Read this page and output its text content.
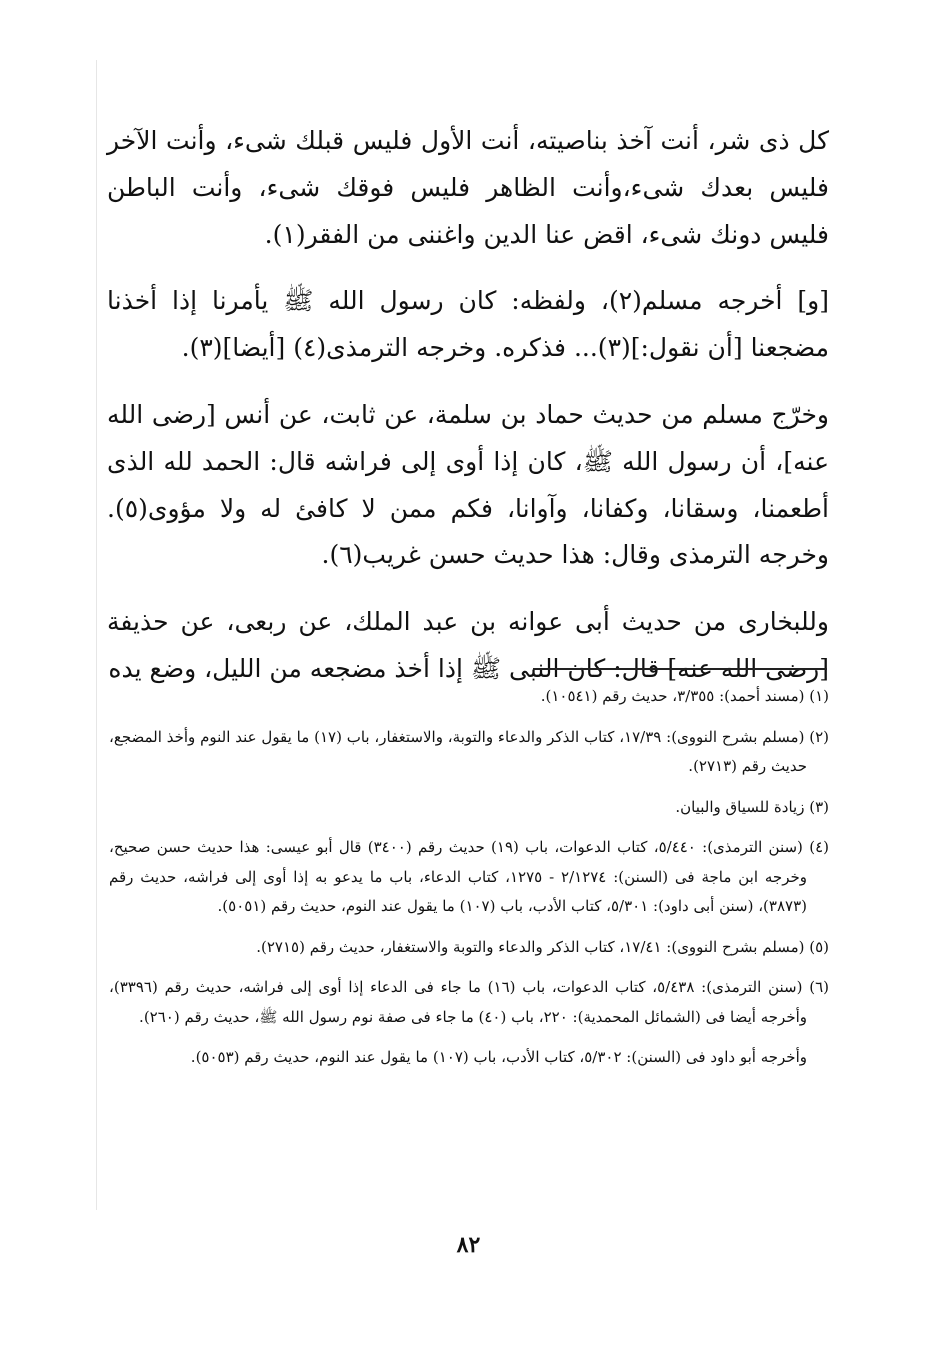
كل ذى شر، أنت آخذ بناصيته، أنت الأول فليس قبلك شىء، وأنت الآخر فليس بعدك شىء،وأنت الظاهر فليس فوقك شىء، وأنت الباطن فليس دونك شىء، اقض عنا الدين واغننى من الفقر(١).

[و] أخرجه مسلم(٢)، ولفظه: كان رسول الله ﷺ يأمرنا إذا أخذنا مضجعنا [أن نقول:](٣)... فذكره. وخرجه الترمذى(٤) [أيضا](٣).

وخرّج مسلم من حديث حماد بن سلمة، عن ثابت، عن أنس [رضى الله عنه]، أن رسول الله ﷺ، كان إذا أوى إلى فراشه قال: الحمد لله الذى أطعمنا، وسقانا، وكفانا، وآوانا، فكم ممن لا كافئ له ولا مؤوى(٥). وخرجه الترمذى وقال: هذا حديث حسن غريب(٦).

وللبخارى من حديث أبى عوانه بن عبد الملك، عن ربعى، عن حذيفة [رضى الله عنه] قال: كان النبى ﷺ إذا أخذ مضجعه من الليل، وضع يده

(١) (مسند أحمد): ٣/٣٥٥، حديث رقم (١٠٥٤١).

(٢) (مسلم بشرح النووى): ١٧/٣٩، كتاب الذكر والدعاء والتوبة، والاستغفار، باب (١٧) ما يقول عند النوم وأخذ المضجع، حديث رقم (٢٧١٣).

(٣) زيادة للسياق والبيان.

(٤) (سنن الترمذى): ٥/٤٤٠، كتاب الدعوات، باب (١٩) حديث رقم (٣٤٠٠) قال أبو عيسى: هذا حديث حسن صحيح، وخرجه ابن ماجة فى (السنن): ٢/١٢٧٤ - ١٢٧٥، كتاب الدعاء، باب ما يدعو به إذا أوى إلى فراشه، حديث رقم (٣٨٧٣)، (سنن أبى داود): ٥/٣٠١، كتاب الأدب، باب (١٠٧) ما يقول عند النوم، حديث رقم (٥٠٥١).

(٥) (مسلم بشرح النووى): ١٧/٤١، كتاب الذكر والدعاء والتوبة والاستغفار، حديث رقم (٢٧١٥).

(٦) (سنن الترمذى): ٥/٤٣٨، كتاب الدعوات، باب (١٦) ما جاء فى الدعاء إذا أوى إلى فراشه، حديث رقم (٣٣٩٦)، وأخرجه أيضا فى (الشمائل المحمدية): ٢٢٠، باب (٤٠) ما جاء فى صفة نوم رسول الله ﷺ، حديث رقم (٢٦٠).

وأخرجه أبو داود فى (السنن): ٥/٣٠٢، كتاب الأدب، باب (١٠٧) ما يقول عند النوم، حديث رقم (٥٠٥٣).

٨٢
